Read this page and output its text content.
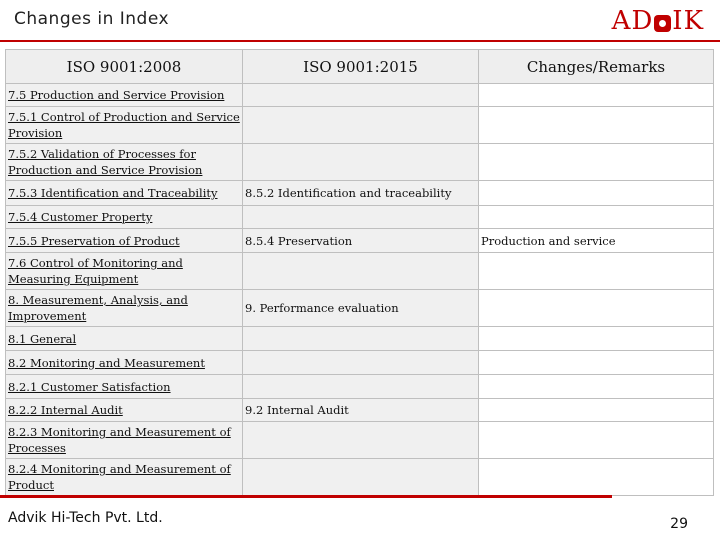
Changes in Index	AD IK
ISO 9001:2008	ISO 9001:2015	Changes/Remarks
7.5 Production and Service Provision		
7.5.1 Control of Production and Service Provision		
7.5.2 Validation of Processes for Production and Service Provision		
7.5.3 Identification and Traceability	8.5.2 Identification and traceability	
7.5.4 Customer Property		
7.5.5 Preservation of Product	8.5.4 Preservation	Production and service
7.6 Control of Monitoring and Measuring Equipment		
8. Measurement, Analysis, and Improvement	9. Performance evaluation	
8.1 General		
8.2 Monitoring and Measurement		
8.2.1 Customer Satisfaction		
8.2.2 Internal Audit	9.2 Internal Audit	
8.2.3 Monitoring and Measurement of Processes		
8.2.4 Monitoring and Measurement of Product		
Advik Hi-Tech Pvt. Ltd.	29
